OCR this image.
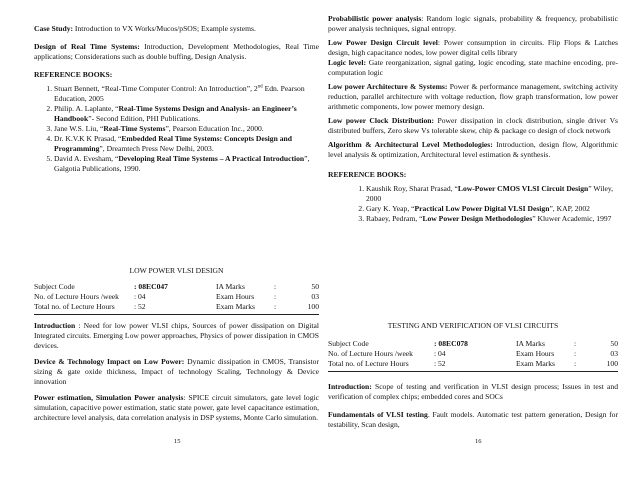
Case Study: Introduction to VX Works/Mucos/pSOS; Example systems.

Design of Real Time Systems: Introduction, Development Methodologies, Real Time applications; Considerations such as double buffing, Design Analysis.

REFERENCE BOOKS:

1. Stuart Bennett, “Real-Time Computer Control: An Introduction”, 2nd Edn. Pearson Education, 2005
2. Philip. A. Laplante, “Real-Time Systems Design and Analysis- an Engineer’s Handbook”- Second Edition, PHI Publications.
3. Jane W.S. Liu, “Real-Time Systems”, Pearson Education Inc., 2000.
4. Dr. K.V.K K Prasad, “Embedded Real Time Systems: Concepts Design and Programming”, Dreamtech Press New Delhi, 2003.
5. David A. Evesham, “Developing Real Time Systems – A Practical Introduction”, Galgotia Publications, 1990.

LOW POWER VLSI DESIGN

Subject Code	: 08EC047	IA Marks	:	50
No. of Lecture Hours /week	: 04	Exam Hours	:	03
Total no. of Lecture Hours	: 52	Exam Marks	:	100

Introduction : Need for low power VLSI chips, Sources of power dissipation on Digital Integrated circuits. Emerging Low power approaches, Physics of power dissipation in CMOS devices.

Device & Technology Impact on Low Power: Dynamic dissipation in CMOS, Transistor sizing & gate oxide thickness, Impact of technology Scaling, Technology & Device innovation

Power estimation, Simulation Power analysis: SPICE circuit simulators, gate level logic simulation, capacitive power estimation, static state power, gate level capacitance estimation, architecture level analysis, data correlation analysis in DSP systems, Monte Carlo simulation.

15

Probabilistic power analysis: Random logic signals, probability & frequency, probabilistic power analysis techniques, signal entropy.

Low Power Design Circuit level: Power consumption in circuits. Flip Flops & Latches design, high capacitance nodes, low power digital cells library

Logic level: Gate reorganization, signal gating, logic encoding, state machine encoding, pre-computation logic

Low power Architecture & Systems: Power & performance management, switching activity reduction, parallel architecture with voltage reduction, flow graph transformation, low power arithmetic components, low power memory design.

Low power Clock Distribution: Power dissipation in clock distribution, single driver Vs distributed buffers, Zero skew Vs tolerable skew, chip & package co design of clock network

Algorithm & Architectural Level Methodologies: Introduction, design flow, Algorithmic level analysis & optimization, Architectural level estimation & synthesis.

REFERENCE BOOKS:

1. Kaushik Roy, Sharat Prasad, “Low-Power CMOS VLSI Circuit Design” Wiley, 2000
2. Gary K. Yeap, “Practical Low Power Digital VLSI Design”, KAP, 2002
3. Rabaey, Pedram, “Low Power Design Methodologies” Kluwer Academic, 1997

TESTING AND VERIFICATION OF VLSI CIRCUITS

Subject Code	: 08EC078	IA Marks	:	50
No. of Lecture Hours /week	: 04	Exam Hours	:	03
Total no. of Lecture Hours	: 52	Exam Marks	:	100

Introduction: Scope of testing and verification in VLSI design process; Issues in test and verification of complex chips; embedded cores and SOCs

Fundamentals of VLSI testing. Fault models. Automatic test pattern generation, Design for testability, Scan design,

16
